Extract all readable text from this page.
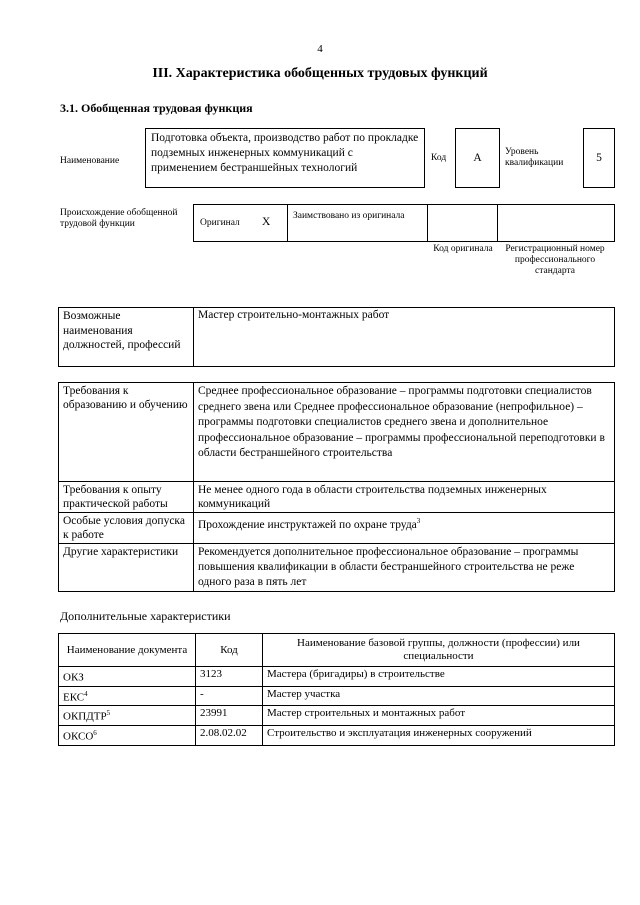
4
III. Характеристика обобщенных трудовых функций
3.1. Обобщенная трудовая функция
Наименование
Подготовка объекта, производство работ по прокладке подземных инженерных коммуникаций с применением бестраншейных технологий
Код	А	Уровень квалификации	5
Происхождение обобщенной трудовой функции	Оригинал X Заимствовано из оригинала
Код оригинала	Регистрационный номер профессионального стандарта
Возможные наименования должностей, профессий	Мастер строительно-монтажных работ
Требования к образованию и обучению	Среднее профессиональное образование – программы подготовки специалистов среднего звена или Среднее профессиональное образование (непрофильное) – программы подготовки специалистов среднего звена и дополнительное профессиональное образование – программы профессиональной переподготовки в области бестраншейного строительства
Требования к опыту практической работы	Не менее одного года в области строительства подземных инженерных коммуникаций
Особые условия допуска к работе	Прохождение инструктажей по охране труда$^3$
Другие характеристики	Рекомендуется дополнительное профессиональное образование – программы повышения квалификации в области бестраншейного строительства не реже одного раза в пять лет
Дополнительные характеристики
Наименование документа	Код	Наименование базовой группы, должности (профессии) или специальности
ОКЗ	3123	Мастера (бригадиры) в строительстве
ЕКС$^4$	-	Мастер участка
ОКПДТР$^5$	23991	Мастер строительных и монтажных работ
ОКСО$^6$	2.08.02.02	Строительство и эксплуатация инженерных сооружений
